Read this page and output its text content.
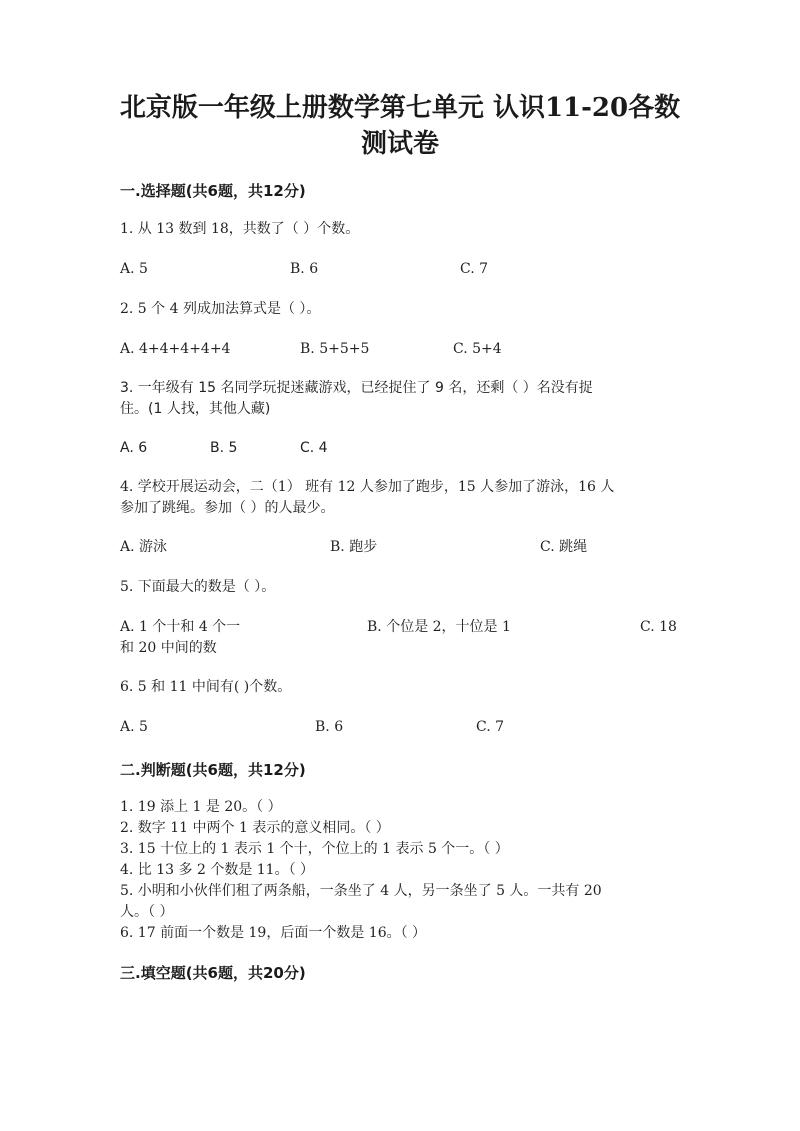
北京版一年级上册数学第七单元 认识11-20各数
测试卷
一.选择题(共6题，共12分)
1. 从 13 数到 18，共数了（ ）个数。
A. 5	B. 6	C. 7
2. 5 个 4 列成加法算式是（ ）。
A. 4+4+4+4+4	B. 5+5+5	C. 5+4
3. 一年级有 15 名同学玩捉迷藏游戏，已经捉住了 9 名，还剩（ ）名没有捉
住。(1 人找，其他人藏)
A. 6	B. 5	C. 4
4. 学校开展运动会，二（1） 班有 12 人参加了跑步，15 人参加了游泳，16 人
参加了跳绳。参加（ ）的人最少。
A. 游泳	B. 跑步	C. 跳绳
5. 下面最大的数是（ ）。
A. 1 个十和 4 个一
和 20 中间的数
B. 个位是 2，十位是 1	C. 18
6. 5 和 11 中间有( )个数。
A. 5	B. 6	C. 7
二.判断题(共6题，共12分)
1. 19 添上 1 是 20。（ ）
2. 数字 11 中两个 1 表示的意义相同。（ ）
3. 15 十位上的 1 表示 1 个十，个位上的 1 表示 5 个一。（ ）
4. 比 13 多 2 个数是 11。（ ）
5. 小明和小伙伴们租了两条船，一条坐了 4 人，另一条坐了 5 人。一共有 20
人。（ ）
6. 17 前面一个数是 19，后面一个数是 16。（ ）
三.填空题(共6题，共20分)
